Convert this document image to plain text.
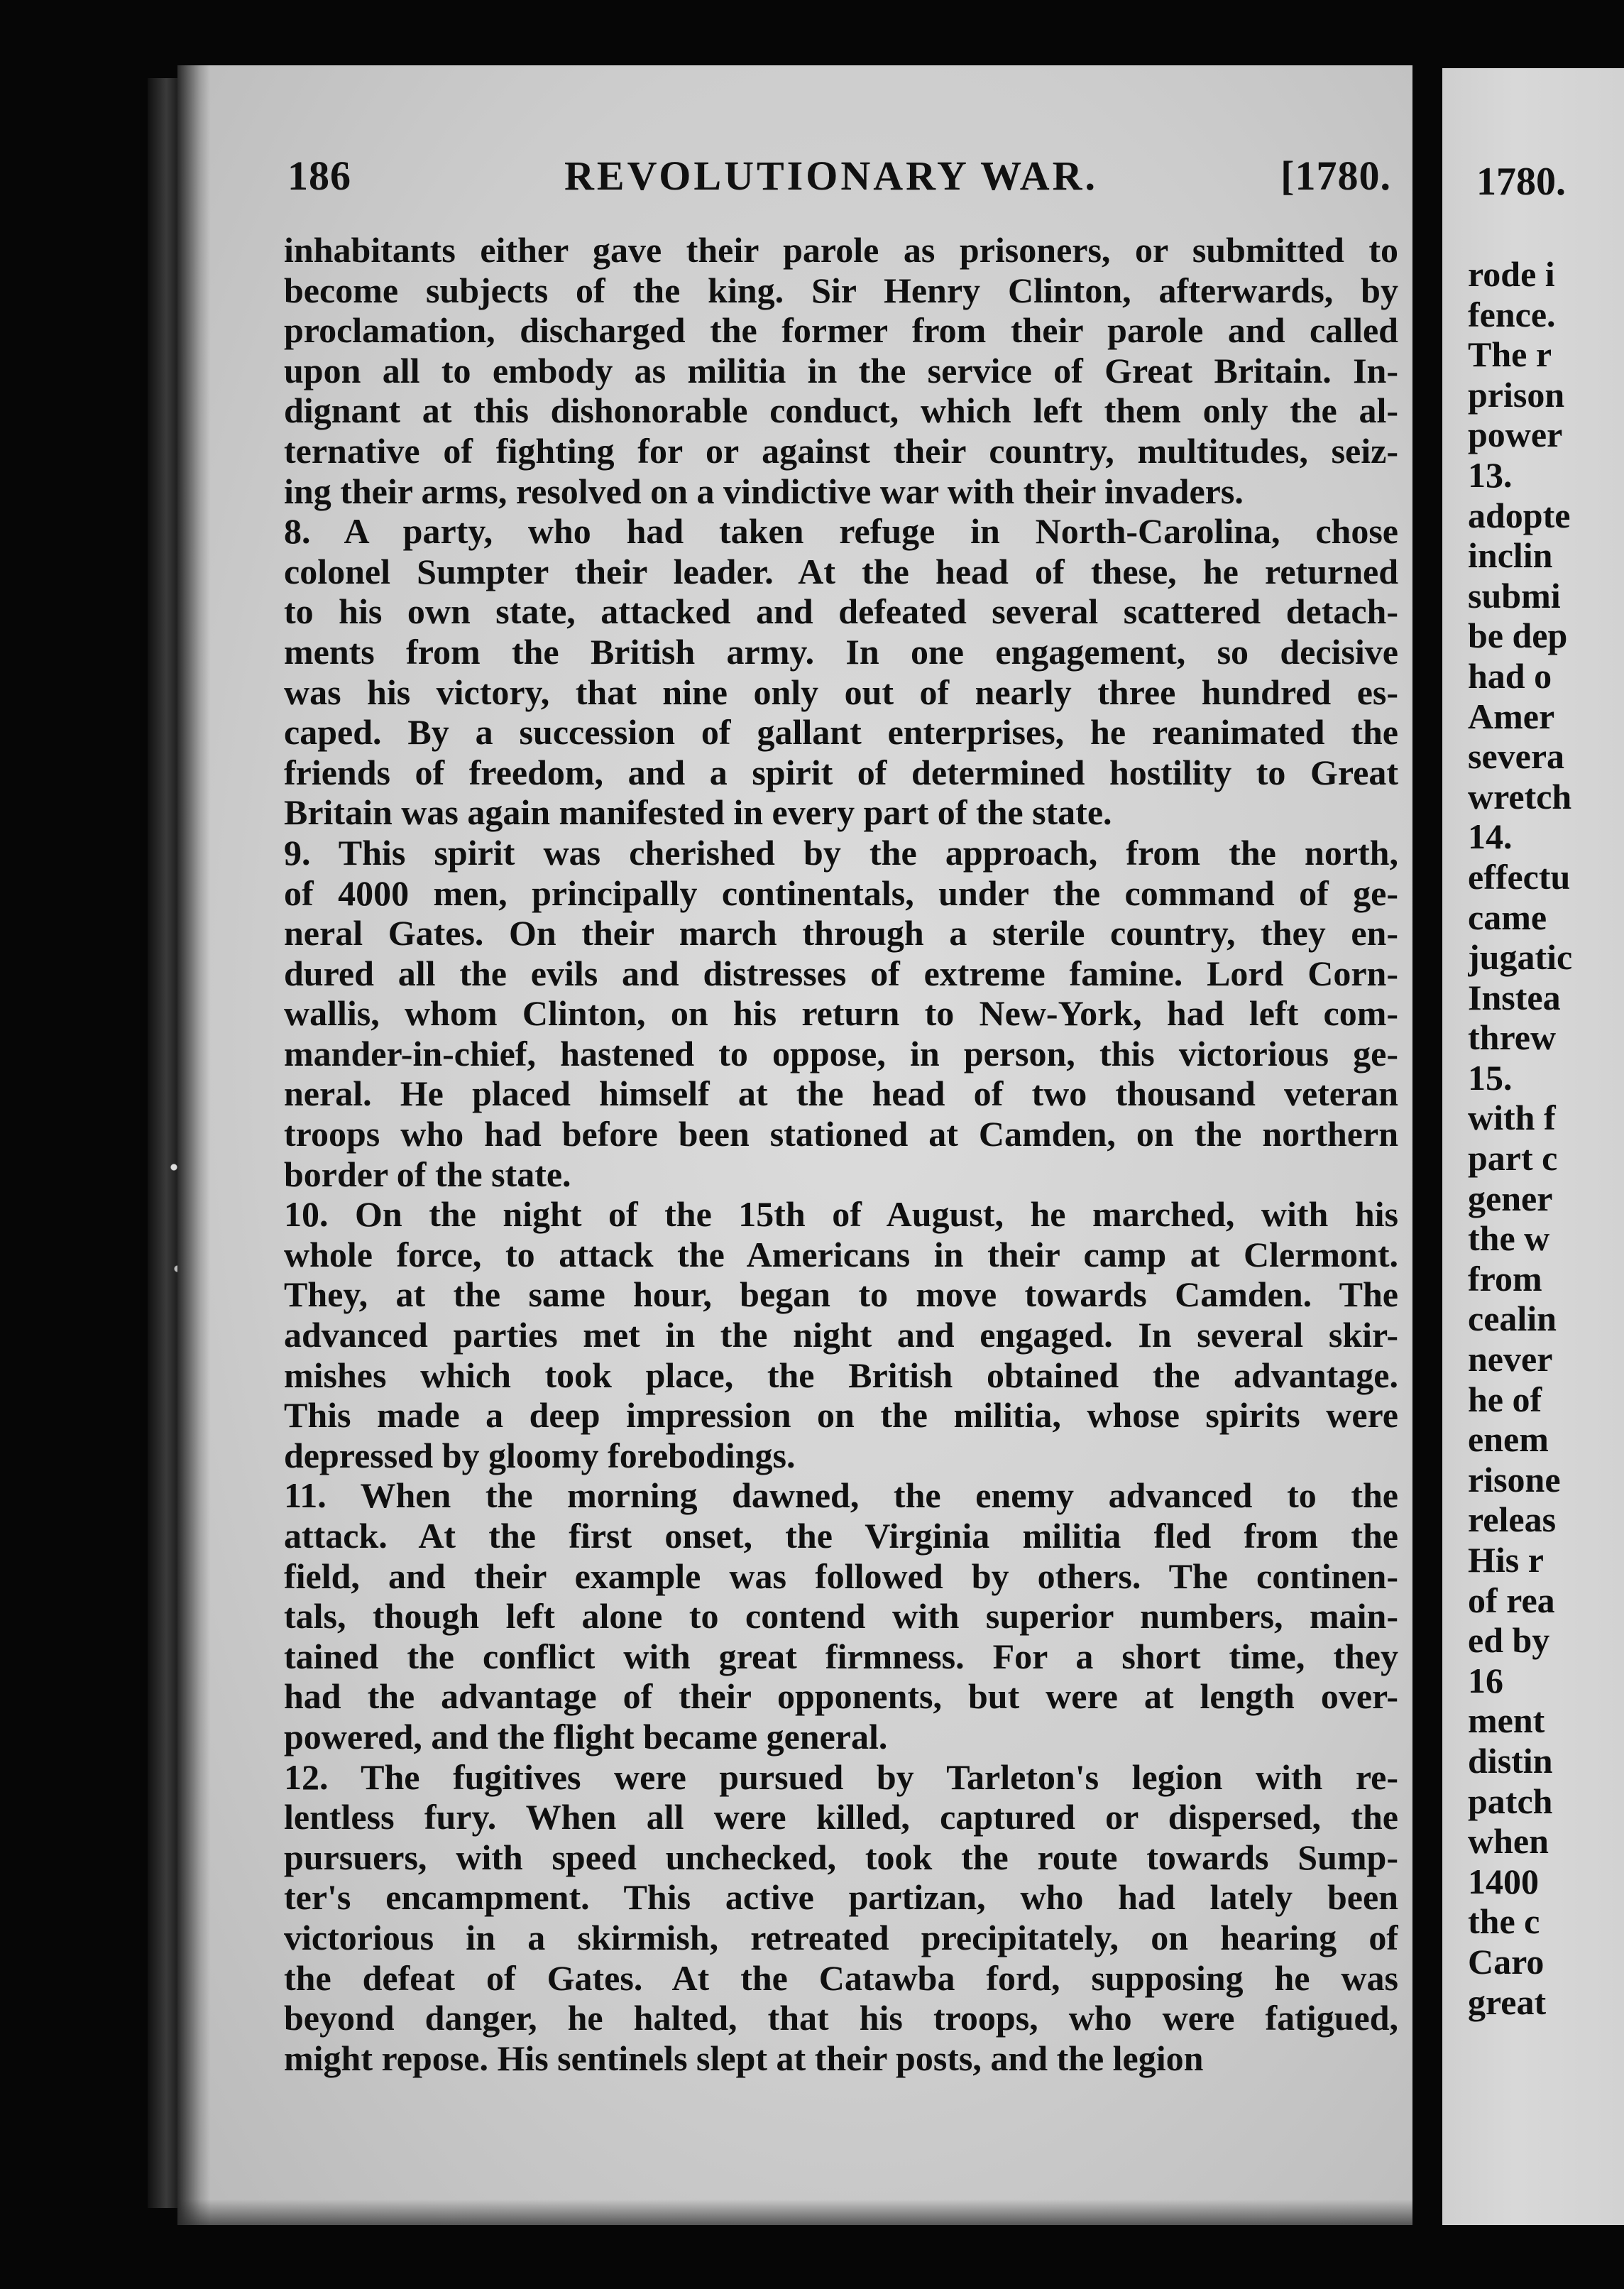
186	REVOLUTIONARY WAR.	[1780.
inhabitants either gave their parole as prisoners, or submitted to
become subjects of the king. Sir Henry Clinton, afterwards, by
proclamation, discharged the former from their parole and called
upon all to embody as militia in the service of Great Britain. In-
dignant at this dishonorable conduct, which left them only the al-
ternative of fighting for or against their country, multitudes, seiz-
ing their arms, resolved on a vindictive war with their invaders.
8. A party, who had taken refuge in North-Carolina, chose
colonel Sumpter their leader. At the head of these, he returned
to his own state, attacked and defeated several scattered detach-
ments from the British army. In one engagement, so decisive
was his victory, that nine only out of nearly three hundred es-
caped. By a succession of gallant enterprises, he reanimated the
friends of freedom, and a spirit of determined hostility to Great
Britain was again manifested in every part of the state.
9. This spirit was cherished by the approach, from the north,
of 4000 men, principally continentals, under the command of ge-
neral Gates. On their march through a sterile country, they en-
dured all the evils and distresses of extreme famine. Lord Corn-
wallis, whom Clinton, on his return to New-York, had left com-
mander-in-chief, hastened to oppose, in person, this victorious ge-
neral. He placed himself at the head of two thousand veteran
troops who had before been stationed at Camden, on the northern
border of the state.
10. On the night of the 15th of August, he marched, with his
whole force, to attack the Americans in their camp at Clermont.
They, at the same hour, began to move towards Camden. The
advanced parties met in the night and engaged. In several skir-
mishes which took place, the British obtained the advantage.
This made a deep impression on the militia, whose spirits were
depressed by gloomy forebodings.
11. When the morning dawned, the enemy advanced to the
attack. At the first onset, the Virginia militia fled from the
field, and their example was followed by others. The continen-
tals, though left alone to contend with superior numbers, main-
tained the conflict with great firmness. For a short time, they
had the advantage of their opponents, but were at length over-
powered, and the flight became general.
12. The fugitives were pursued by Tarleton's legion with re-
lentless fury. When all were killed, captured or dispersed, the
pursuers, with speed unchecked, took the route towards Sump-
ter's encampment. This active partizan, who had lately been
victorious in a skirmish, retreated precipitately, on hearing of
the defeat of Gates. At the Catawba ford, supposing he was
beyond danger, he halted, that his troops, who were fatigued,
might repose. His sentinels slept at their posts, and the legion
1780.
rode i
fence.
The r
prison
power
13.
adopte
inclin
submi
be dep
had o
Amer
severa
wretch
14.
effectu
came
jugatic
Instea
threw
15.
with f
part c
gener
the w
from
cealin
never
he of
enem
risone
releas
His r
of rea
ed by
16
ment
distin
patch
when
1400
the c
Caro
great
